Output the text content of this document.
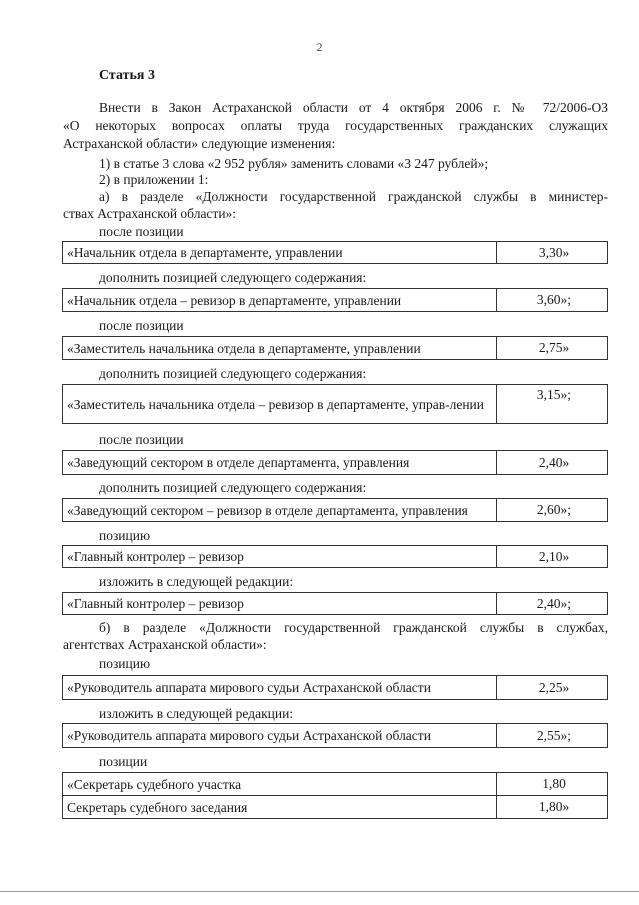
2
Статья 3
Внести в Закон Астраханской области от 4 октября 2006 г. № 72/2006-ОЗ
«О некоторых вопросах оплаты труда государственных гражданских служащих
Астраханской области» следующие изменения:
1) в статье 3 слова «2 952 рубля» заменить словами «3 247 рублей»;
2) в приложении 1:
а) в разделе «Должности государственной гражданской службы в министер-
ствах Астраханской области»:
после позиции
«Начальник отдела в департаменте, управлении	3,30»
дополнить позицией следующего содержания:
«Начальник отдела – ревизор в департаменте, управлении	3,60»;
после позиции
«Заместитель начальника отдела в департаменте, управлении	2,75»
дополнить позицией следующего содержания:
«Заместитель начальника отдела – ревизор в департаменте, управ-лении
3,15»;
после позиции
«Заведующий сектором в отделе департамента, управления	2,40»
дополнить позицией следующего содержания:
«Заведующий сектором – ревизор в отделе департамента, управления	2,60»;
позицию
«Главный контролер – ревизор	2,10»
изложить в следующей редакции:
«Главный контролер – ревизор	2,40»;
б) в разделе «Должности государственной гражданской службы в службах,
агентствах Астраханской области»:
позицию
«Руководитель аппарата мирового судьи Астраханской области	2,25»
изложить в следующей редакции:
«Руководитель аппарата мирового судьи Астраханской области	2,55»;
позиции
«Секретарь судебного участка	1,80
Секретарь судебного заседания	1,80»
